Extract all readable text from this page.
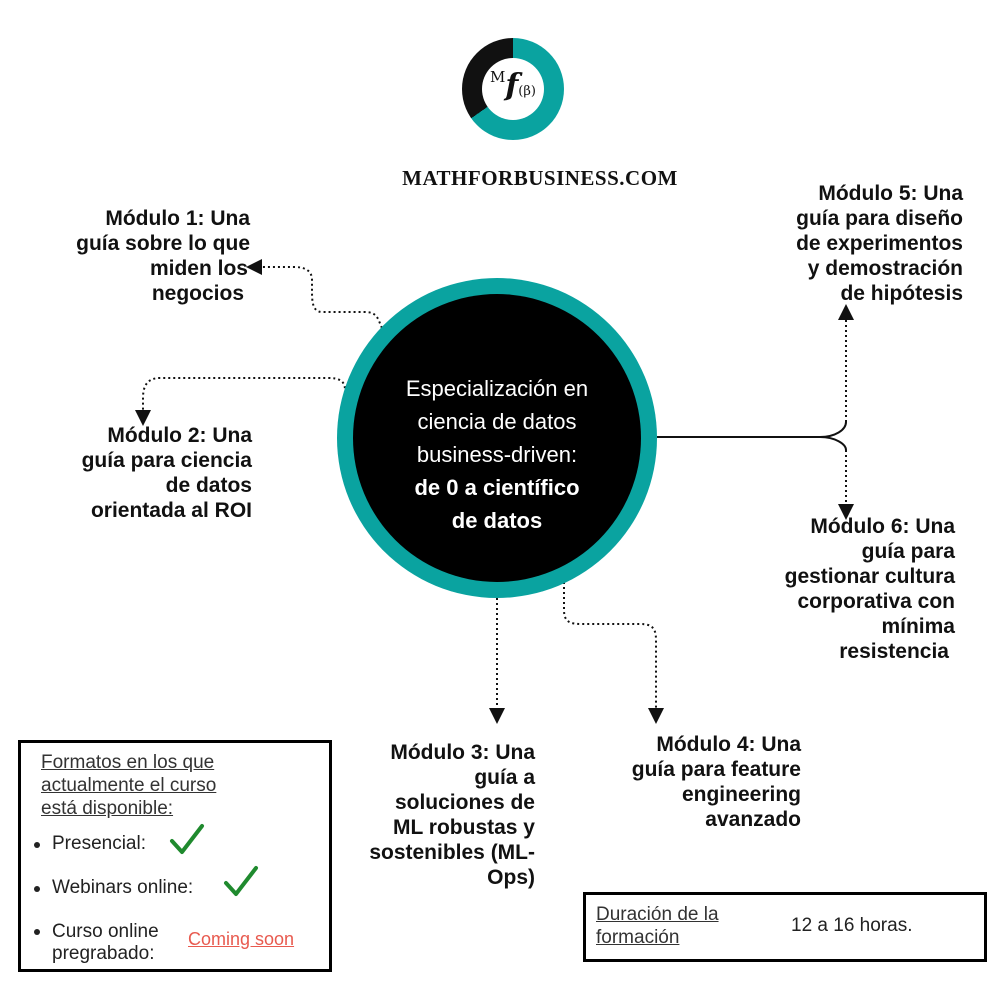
Mf(β)
MATHFORBUSINESS.COM
Especialización en
ciencia de datos
business-driven:
de 0 a científico
de datos
Módulo 1: Una
guía sobre lo que
miden los
negocios
Módulo 2: Una
guía para ciencia
de datos
orientada al ROI
Módulo 3: Una
guía a
soluciones de
ML robustas y
sostenibles (ML-
Ops)
Módulo 4: Una
guía para feature
engineering
avanzado
Módulo 5: Una
guía para diseño
de experimentos
y demostración
de hipótesis
Módulo 6: Una
guía para
gestionar cultura
corporativa con
mínima
resistencia
Formatos en los que
actualmente el curso
está disponible:
Presencial:
Webinars online:
Curso online
pregrabado:
Coming soon
Duración de la
formación
12 a 16 horas.
